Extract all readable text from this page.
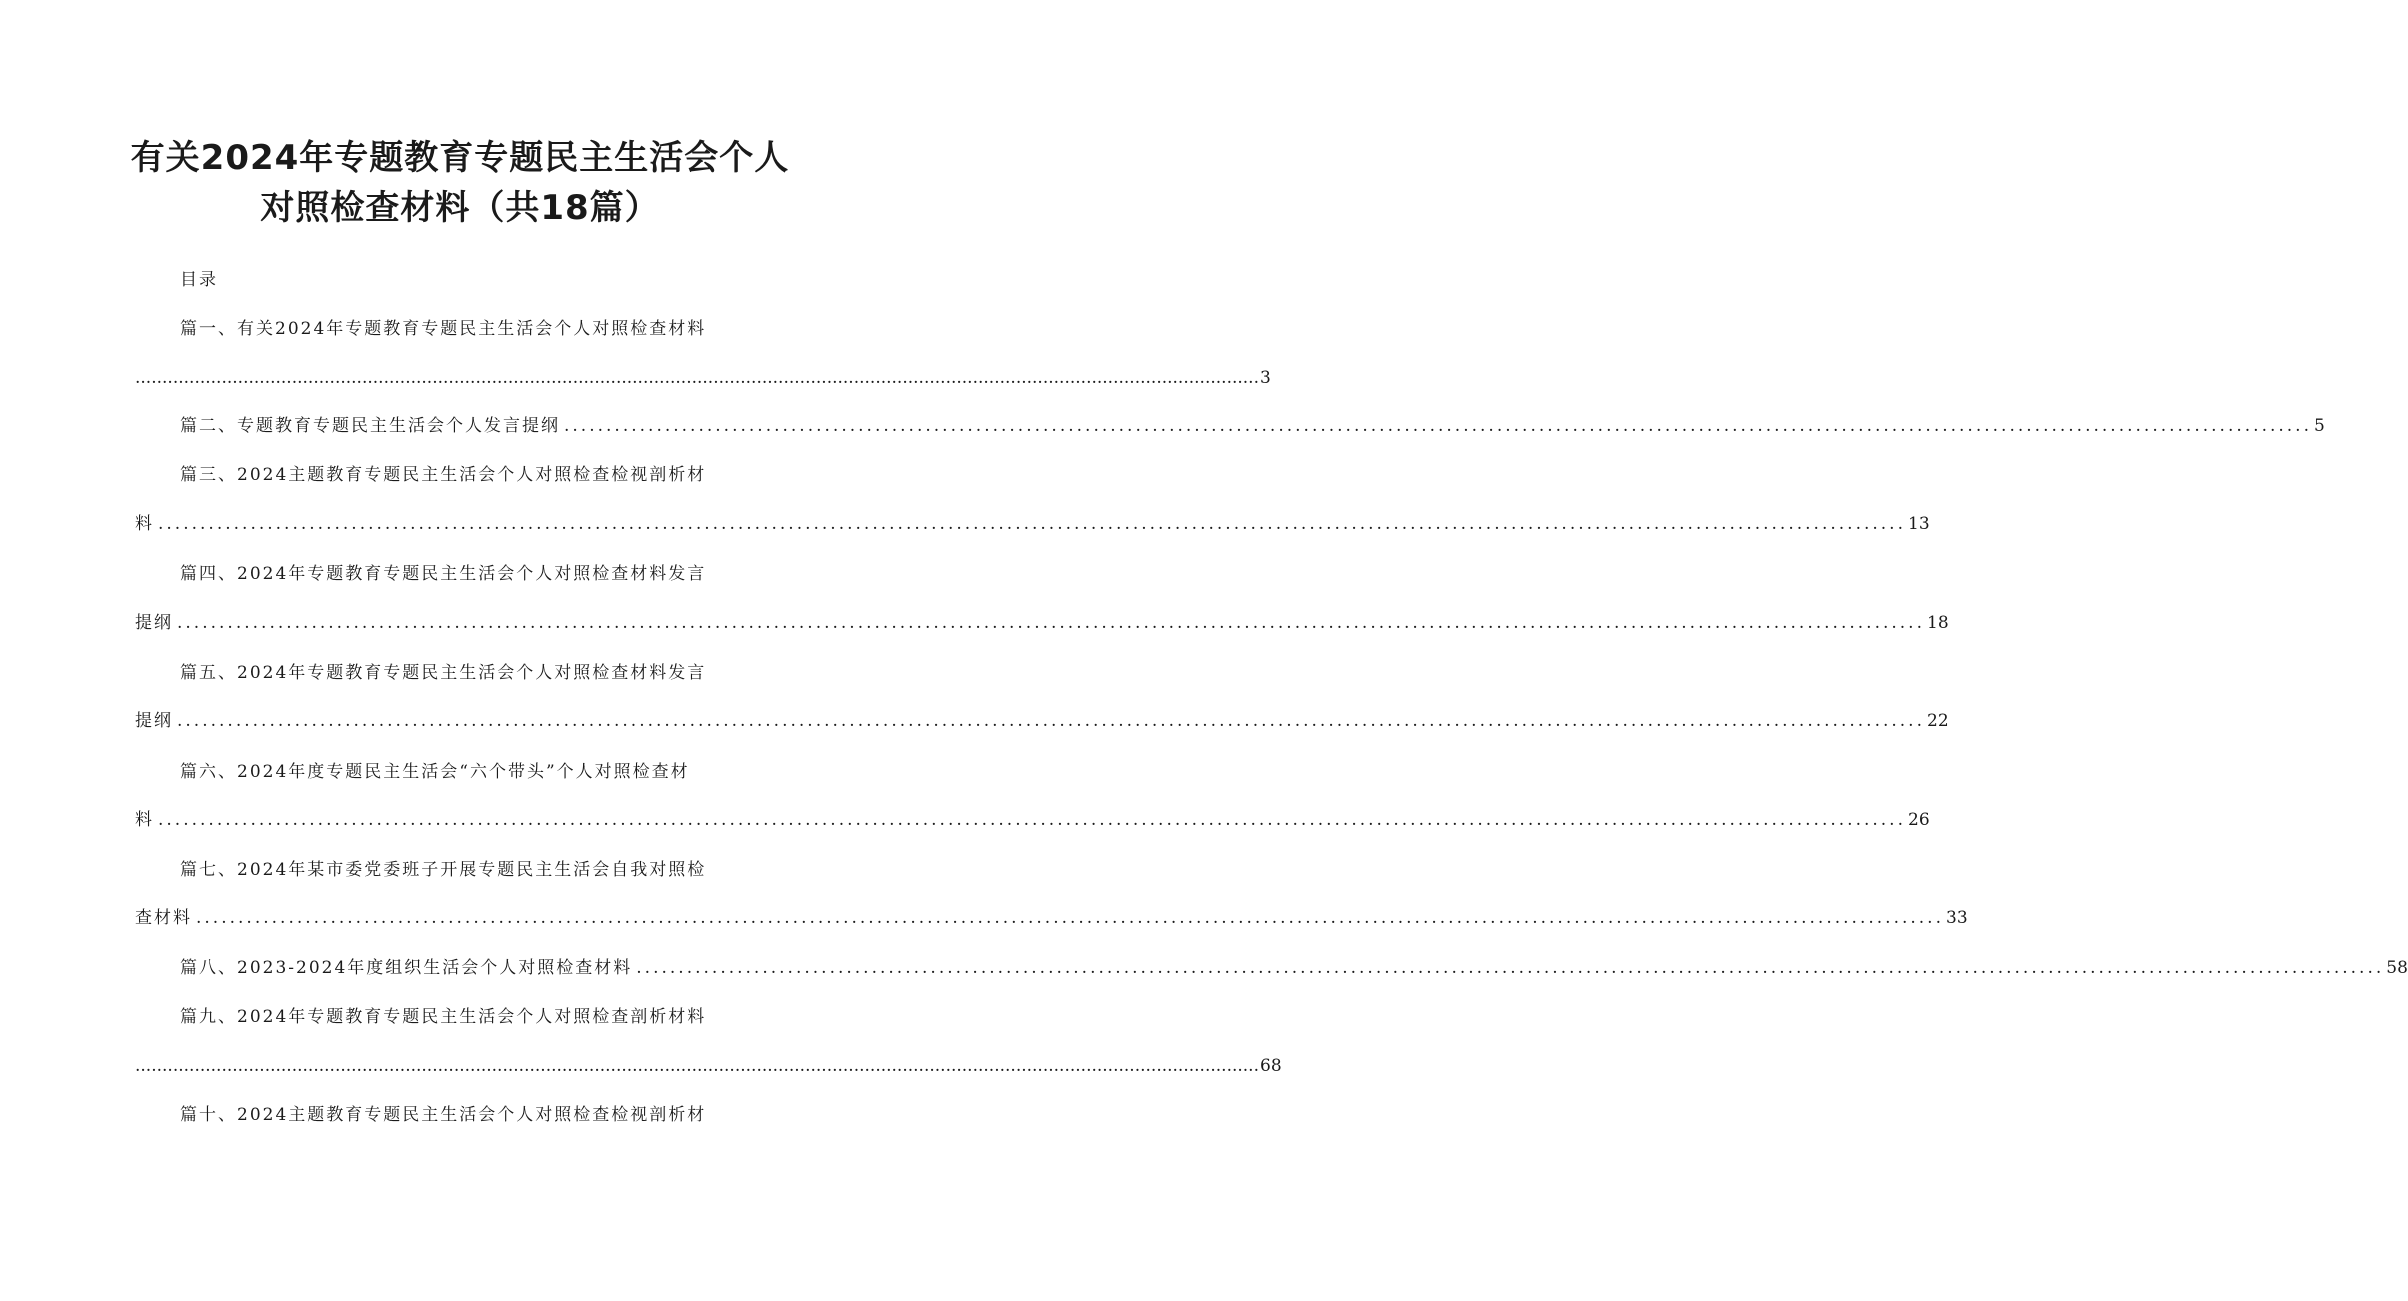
有关2024年专题教育专题民主生活会个人
对照检查材料（共18篇）
目录
篇一、有关2024年专题教育专题民主生活会个人对照检查材料
................................................................................................................................................................................................................ 3
篇二、专题教育专题民主生活会个人发言提纲 ................................................................................................................................................................................................................ 5
篇三、2024主题教育专题民主生活会个人对照检查检视剖析材
料 ................................................................................................................................................................................................................ 13
篇四、2024年专题教育专题民主生活会个人对照检查材料发言
提纲 ................................................................................................................................................................................................................ 18
篇五、2024年专题教育专题民主生活会个人对照检查材料发言
提纲 ................................................................................................................................................................................................................ 22
篇六、2024年度专题民主生活会“六个带头”个人对照检查材
料 ................................................................................................................................................................................................................ 26
篇七、2024年某市委党委班子开展专题民主生活会自我对照检
查材料 ................................................................................................................................................................................................................ 33
篇八、2023-2024年度组织生活会个人对照检查材料 ................................................................................................................................................................................................................ 58
篇九、2024年专题教育专题民主生活会个人对照检查剖析材料
................................................................................................................................................................................................................ 68
篇十、2024主题教育专题民主生活会个人对照检查检视剖析材
